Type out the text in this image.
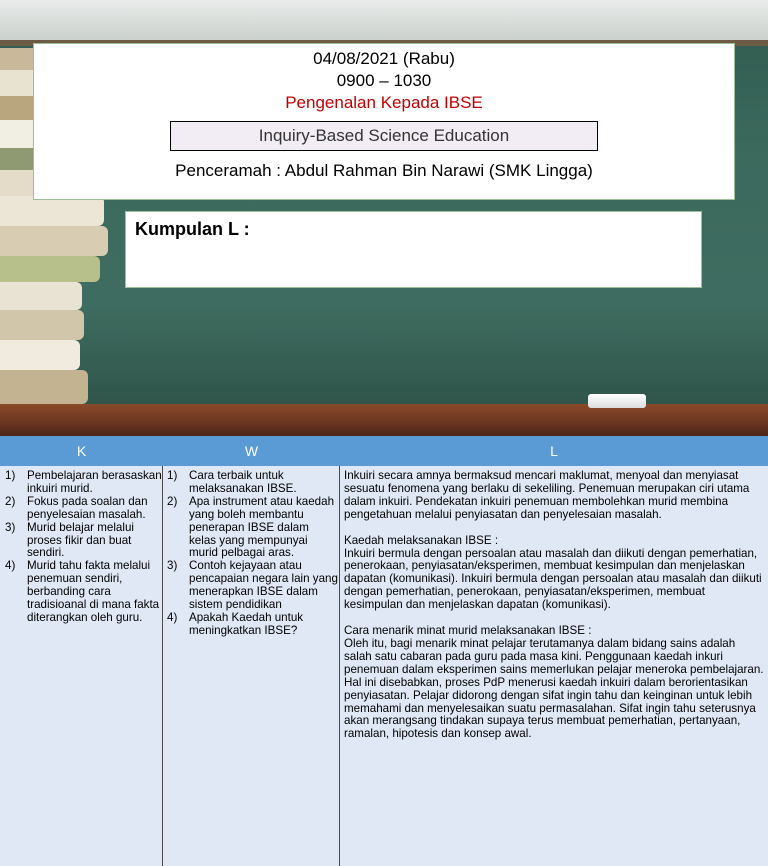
04/08/2021 (Rabu)
0900 – 1030
Pengenalan Kepada IBSE
Inquiry-Based Science Education
Penceramah : Abdul Rahman Bin Narawi (SMK Lingga)
Kumpulan L :
K	W	L
1) Pembelajaran berasaskan inkuiri murid.
2) Fokus pada soalan dan penyelesaian masalah.
3) Murid belajar melalui proses fikir dan buat sendiri.
4) Murid tahu fakta melalui penemuan sendiri, berbanding cara tradisioanal di mana fakta diterangkan oleh guru.
1) Cara terbaik untuk melaksanakan IBSE.
2) Apa instrument atau kaedah yang boleh membantu penerapan IBSE dalam kelas yang mempunyai murid pelbagai aras.
3) Contoh kejayaan atau pencapaian negara lain yang menerapkan IBSE dalam sistem pendidikan
4) Apakah Kaedah untuk meningkatkan IBSE?

Inkuiri secara amnya bermaksud mencari maklumat, menyoal dan menyiasat sesuatu fenomena yang berlaku di sekeliling. Penemuan merupakan ciri utama dalam inkuiri. Pendekatan inkuiri penemuan membolehkan murid membina pengetahuan melalui penyiasatan dan penyelesaian masalah.

Kaedah melaksanakan IBSE :

Inkuiri bermula dengan persoalan atau masalah dan diikuti dengan pemerhatian, penerokaan, penyiasatan/eksperimen, membuat kesimpulan dan menjelaskan dapatan (komunikasi). Inkuiri bermula dengan persoalan atau masalah dan diikuti dengan pemerhatian, penerokaan, penyiasatan/eksperimen, membuat kesimpulan dan menjelaskan dapatan (komunikasi).

Cara menarik minat murid melaksanakan IBSE :

Oleh itu, bagi menarik minat pelajar terutamanya dalam bidang sains adalah salah satu cabaran pada guru pada masa kini. Penggunaan kaedah inkuri penemuan dalam eksperimen sains memerlukan pelajar meneroka pembelajaran. Hal ini disebabkan, proses PdP menerusi kaedah inkuiri dalam berorientasikan penyiasatan. Pelajar didorong dengan sifat ingin tahu dan keinginan untuk lebih memahami dan menyelesaikan suatu permasalahan. Sifat ingin tahu seterusnya akan merangsang tindakan supaya terus membuat pemerhatian, pertanyaan, ramalan, hipotesis dan konsep awal.
